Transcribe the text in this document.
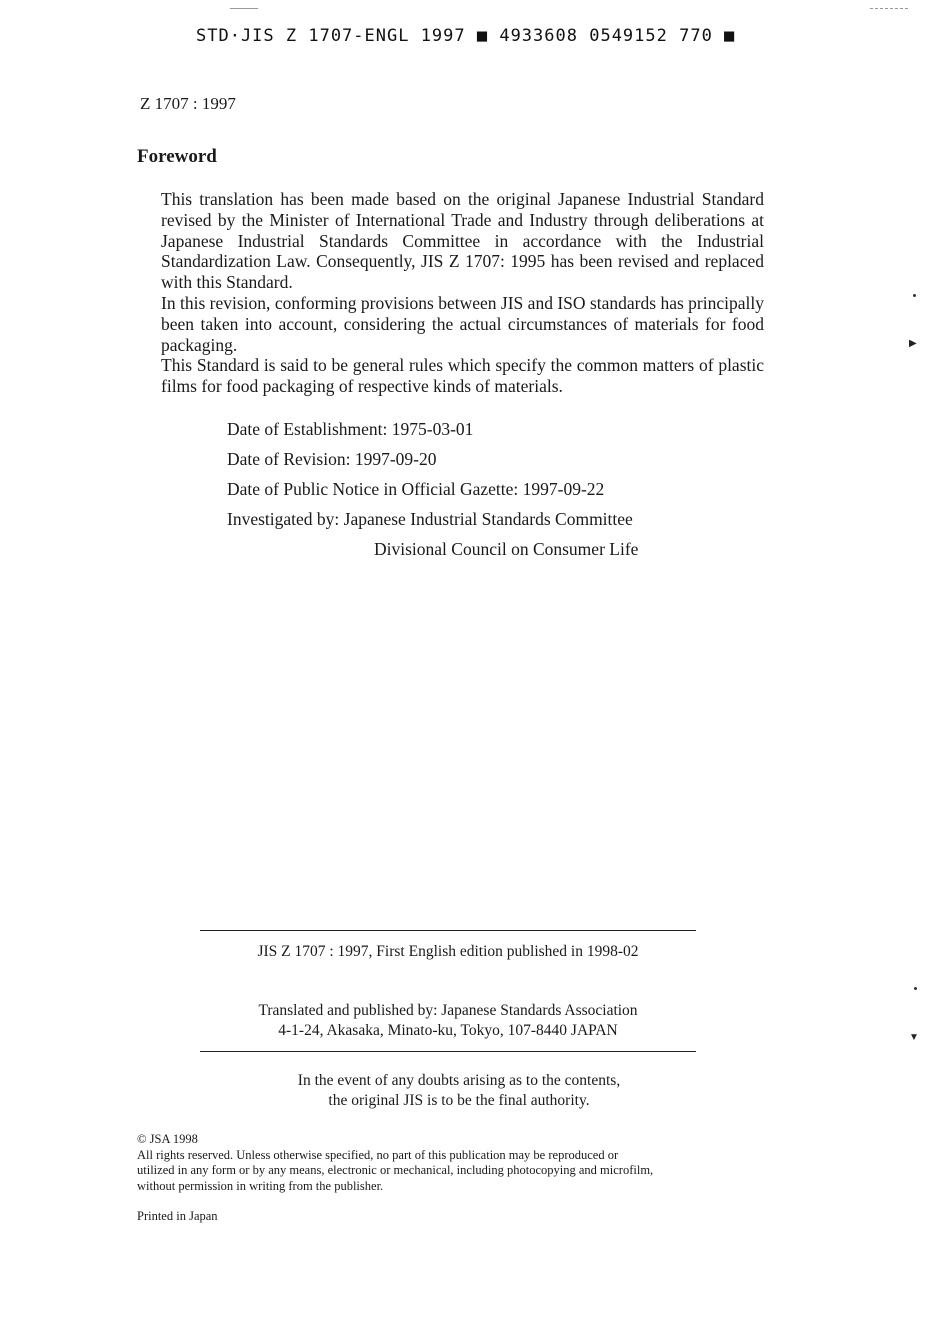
STD·JIS Z 1707-ENGL 1997 ■ 4933608 0549152 770 ■
Z 1707 : 1997
Foreword

This translation has been made based on the original Japanese Industrial Standard revised by the Minister of International Trade and Industry through deliberations at Japanese Industrial Standards Committee in accordance with the Industrial Standardization Law. Consequently, JIS Z 1707: 1995 has been revised and replaced with this Standard.

In this revision, conforming provisions between JIS and ISO standards has principally been taken into account, considering the actual circumstances of materials for food packaging.

This Standard is said to be general rules which specify the common matters of plastic films for food packaging of respective kinds of materials.

Date of Establishment: 1975-03-01
Date of Revision: 1997-09-20
Date of Public Notice in Official Gazette: 1997-09-22
Investigated by: Japanese Industrial Standards Committee
Divisional Council on Consumer Life
JIS Z 1707 : 1997, First English edition published in 1998-02
Translated and published by: Japanese Standards Association
4-1-24, Akasaka, Minato-ku, Tokyo, 107-8440 JAPAN
In the event of any doubts arising as to the contents,
the original JIS is to be the final authority.
© JSA 1998
All rights reserved. Unless otherwise specified, no part of this publication may be reproduced or
utilized in any form or by any means, electronic or mechanical, including photocopying and microfilm,
without permission in writing from the publisher.
Printed in Japan
▶
▼
